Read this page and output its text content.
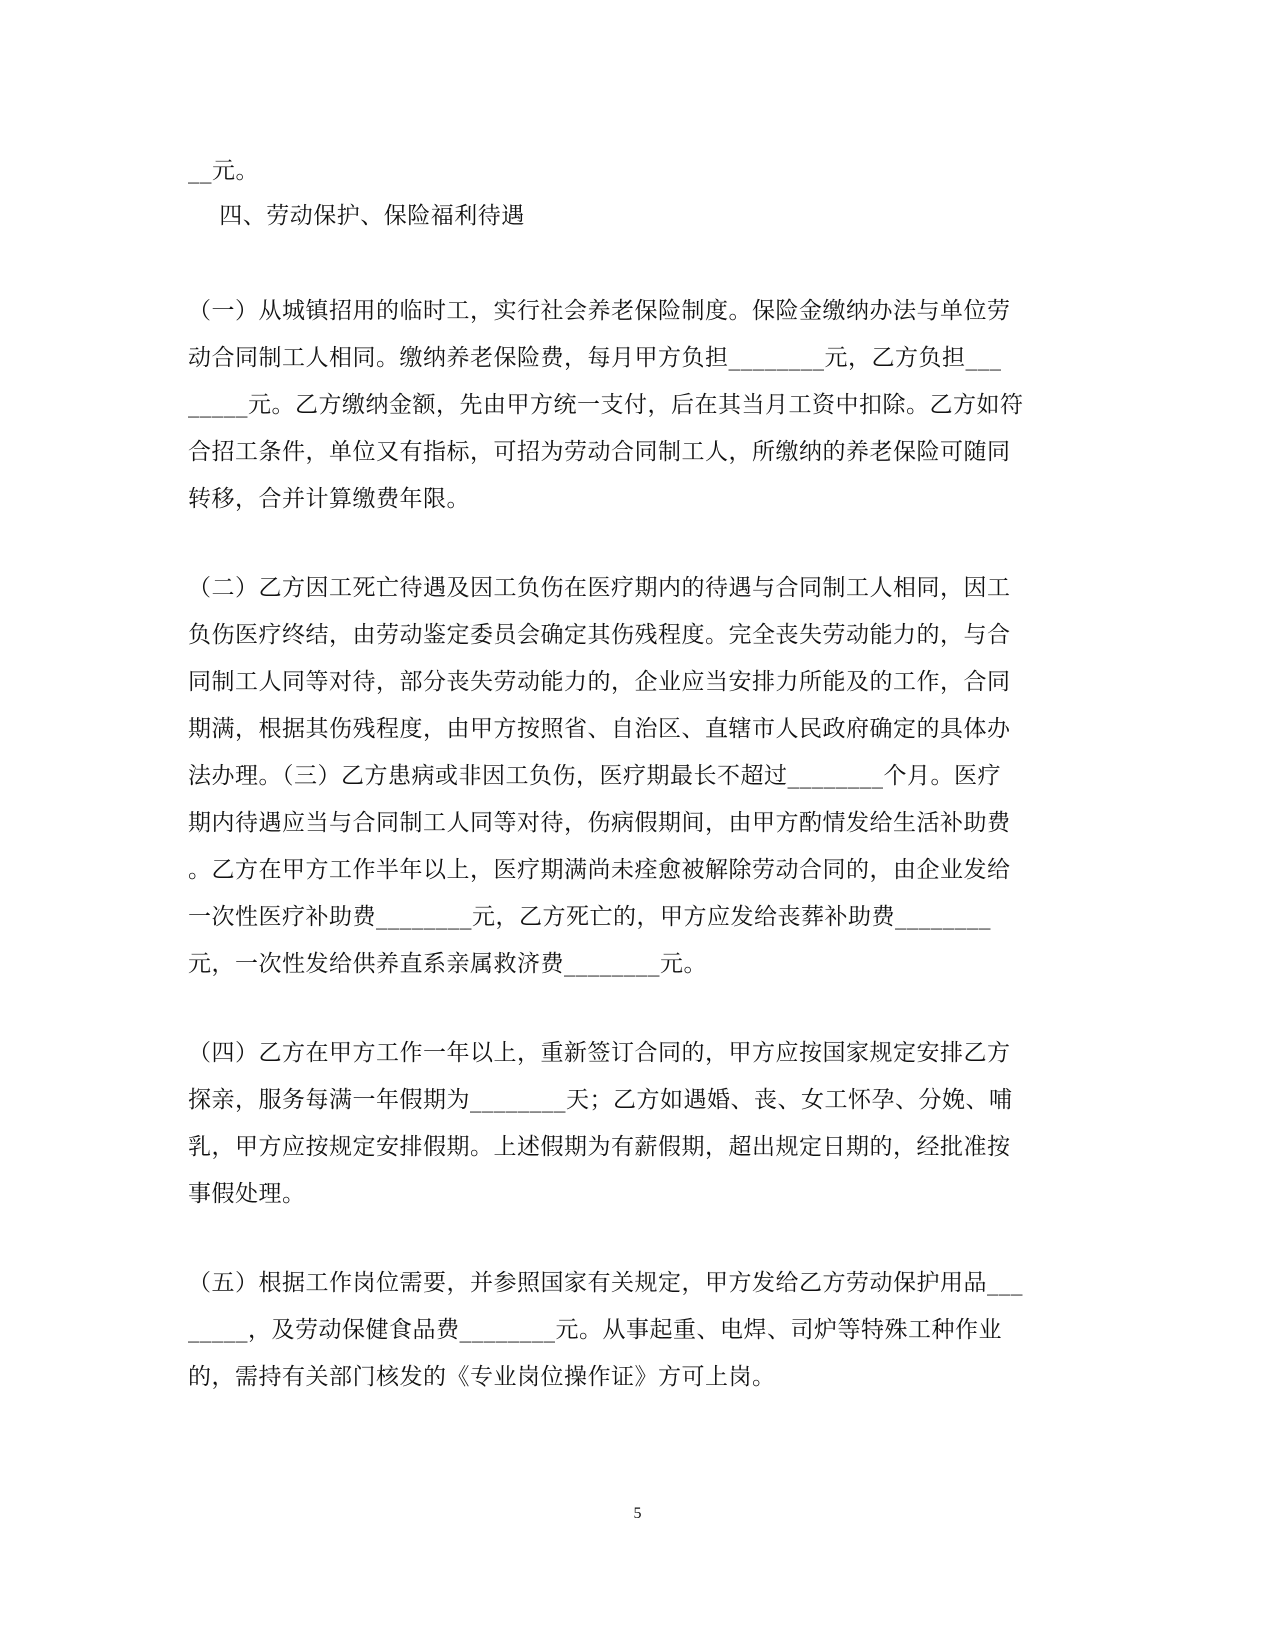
__元。
四、劳动保护、保险福利待遇
（一）从城镇招用的临时工，实行社会养老保险制度。保险金缴纳办法与单位劳
动合同制工人相同。缴纳养老保险费，每月甲方负担________元，乙方负担___
_____元。乙方缴纳金额，先由甲方统一支付，后在其当月工资中扣除。乙方如符
合招工条件，单位又有指标，可招为劳动合同制工人，所缴纳的养老保险可随同
转移，合并计算缴费年限。
（二）乙方因工死亡待遇及因工负伤在医疗期内的待遇与合同制工人相同，因工
负伤医疗终结，由劳动鉴定委员会确定其伤残程度。完全丧失劳动能力的，与合
同制工人同等对待，部分丧失劳动能力的，企业应当安排力所能及的工作，合同
期满，根据其伤残程度，由甲方按照省、自治区、直辖市人民政府确定的具体办
法办理。（三）乙方患病或非因工负伤，医疗期最长不超过________个月。医疗
期内待遇应当与合同制工人同等对待，伤病假期间，由甲方酌情发给生活补助费
。乙方在甲方工作半年以上，医疗期满尚未痊愈被解除劳动合同的，由企业发给
一次性医疗补助费________元，乙方死亡的，甲方应发给丧葬补助费________
元，一次性发给供养直系亲属救济费________元。
（四）乙方在甲方工作一年以上，重新签订合同的，甲方应按国家规定安排乙方
探亲，服务每满一年假期为________天；乙方如遇婚、丧、女工怀孕、分娩、哺
乳，甲方应按规定安排假期。上述假期为有薪假期，超出规定日期的，经批准按
事假处理。
（五）根据工作岗位需要，并参照国家有关规定，甲方发给乙方劳动保护用品___
_____，及劳动保健食品费________元。从事起重、电焊、司炉等特殊工种作业
的，需持有关部门核发的《专业岗位操作证》方可上岗。
5
